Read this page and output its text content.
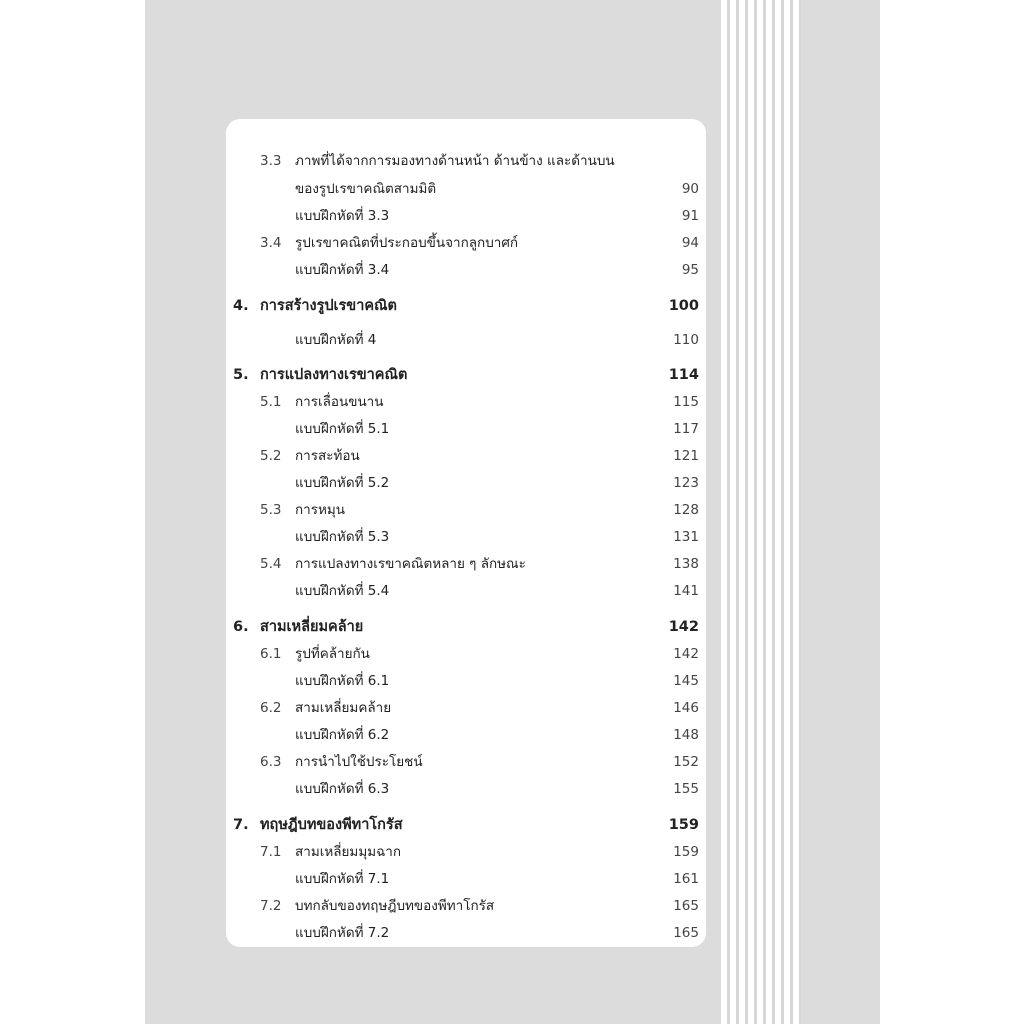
3.3 ภาพที่ได้จากการมองทางด้านหน้า ด้านข้าง และด้านบน
ของรูปเรขาคณิตสามมิติ	90
แบบฝึกหัดที่ 3.3	91
3.4 รูปเรขาคณิตที่ประกอบขึ้นจากลูกบาศก์	94
แบบฝึกหัดที่ 3.4	95
4. การสร้างรูปเรขาคณิต	100
แบบฝึกหัดที่ 4	110
5. การแปลงทางเรขาคณิต	114
5.1 การเลื่อนขนาน	115
แบบฝึกหัดที่ 5.1	117
5.2 การสะท้อน	121
แบบฝึกหัดที่ 5.2	123
5.3 การหมุน	128
แบบฝึกหัดที่ 5.3	131
5.4 การแปลงทางเรขาคณิตหลาย ๆ ลักษณะ	138
แบบฝึกหัดที่ 5.4	141
6. สามเหลี่ยมคล้าย	142
6.1 รูปที่คล้ายกัน	142
แบบฝึกหัดที่ 6.1	145
6.2 สามเหลี่ยมคล้าย	146
แบบฝึกหัดที่ 6.2	148
6.3 การนำไปใช้ประโยชน์	152
แบบฝึกหัดที่ 6.3	155
7. ทฤษฎีบทของพีทาโกรัส	159
7.1 สามเหลี่ยมมุมฉาก	159
แบบฝึกหัดที่ 7.1	161
7.2 บทกลับของทฤษฎีบทของพีทาโกรัส	165
แบบฝึกหัดที่ 7.2	165
